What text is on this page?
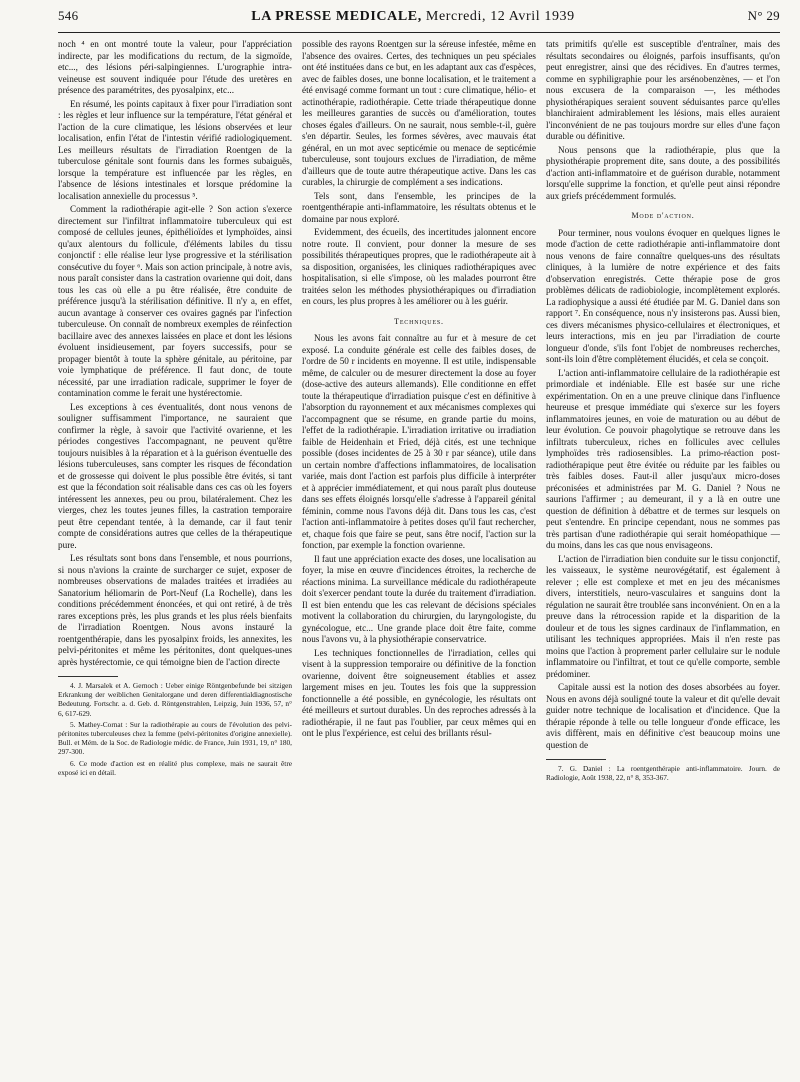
546	LA PRESSE MEDICALE, Mercredi, 12 Avril 1939	N° 29

noch ⁴ en ont montré toute la valeur, pour l'appréciation indirecte, par les modifications du rectum, de la sigmoïde, etc..., des lésions péri-salpingiennes. L'urographie intra-veineuse est souvent indiquée pour l'étude des uretères en présence des paramétrites, des pyosalpinx, etc...

En résumé, les points capitaux à fixer pour l'irradiation sont : les règles et leur influence sur la température, l'état général et l'action de la cure climatique, les lésions observées et leur localisation, enfin l'état de l'intestin vérifié radiologiquement. Les meilleurs résultats de l'irradiation Roentgen de la tuberculose génitale sont fournis dans les formes subaiguës, lorsque la température est influencée par les règles, en l'absence de lésions intestinales et lorsque prédomine la localisation annexielle du processus ⁵.

Comment la radiothérapie agit-elle ? Son action s'exerce directement sur l'infiltrat inflammatoire tuberculeux qui est composé de cellules jeunes, épithélioïdes et lymphoïdes, ainsi qu'aux alentours du follicule, d'éléments labiles du tissu conjonctif : elle réalise leur lyse progressive et la stérilisation consécutive du foyer ⁶. Mais son action principale, à notre avis, nous paraît consister dans la castration ovarienne qui doit, dans tous les cas où elle a pu être réalisée, être conduite de préférence jusqu'à la stérilisation définitive. Il n'y a, en effet, aucun avantage à conserver ces ovaires gagnés par l'infection tuberculeuse. On connaît de nombreux exemples de réinfection bacillaire avec des annexes laissées en place et dont les lésions évoluent insidieusement, par foyers successifs, pour se propager bientôt à toute la sphère génitale, au péritoine, par voie lymphatique de préférence. Il faut donc, de toute nécessité, par une irradiation radicale, supprimer le foyer de contamination comme le ferait une hystérectomie.

Les exceptions à ces éventualités, dont nous venons de souligner suffisamment l'importance, ne sauraient que confirmer la règle, à savoir que l'activité ovarienne, et les périodes congestives l'accompagnant, ne peuvent qu'être toujours nuisibles à la réparation et à la guérison éventuelle des lésions tuberculeuses, sans compter les risques de fécondation et de grossesse qui doivent le plus possible être évités, si tant est que la fécondation soit réalisable dans ces cas où les foyers intéressent les annexes, peu ou prou, bilatéralement. Chez les vierges, chez les toutes jeunes filles, la castration temporaire peut être cependant tentée, à la demande, car il faut tenir compte de considérations autres que celles de la thérapeutique pure.

Les résultats sont bons dans l'ensemble, et nous pourrions, si nous n'avions la crainte de surcharger ce sujet, exposer de nombreuses observations de malades traitées et irradiées au Sanatorium héliomarin de Port-Neuf (La Rochelle), dans les conditions précédemment énoncées, et qui ont retiré, à de très rares exceptions près, les plus grands et les plus réels bienfaits de l'irradiation Roentgen. Nous avons instauré la roentgenthérapie, dans les pyosalpinx froids, les annexites, les pelvi-péritonites et même les péritonites, dont quelques-unes après hystérectomie, ce qui témoigne bien de l'action directe

4. J. Marsalek et A. Gernoch : Ueber einige Röntgenbefunde bei sitzigen Erkrankung der weiblichen Genitalorgane und deren differentialdiagnostische Bedeutung. Fortschr. a. d. Geb. d. Röntgenstrahlen, Leipzig, Juin 1936, 57, n° 6, 617-629.

5. Mathey-Cornat : Sur la radiothérapie au cours de l'évolution des pelvi-péritonites tuberculeuses chez la femme (pelvi-péritonites d'origine annexielle). Bull. et Mém. de la Soc. de Radiologie médic. de France, Juin 1931, 19, n° 180, 297-300.

6. Ce mode d'action est en réalité plus complexe, mais ne saurait être exposé ici en détail.

possible des rayons Roentgen sur la séreuse infestée, même en l'absence des ovaires. Certes, des techniques un peu spéciales ont été instituées dans ce but, en les adaptant aux cas d'espèces, avec de faibles doses, une bonne localisation, et le traitement a été envisagé comme formant un tout : cure climatique, hélio- et actinothérapie, radiothérapie. Cette triade thérapeutique donne les meilleures garanties de succès ou d'amélioration, toutes choses égales d'ailleurs. On ne saurait, nous semble-t-il, guère s'en départir. Seules, les formes sévères, avec mauvais état général, en un mot avec septicémie ou menace de septicémie tuberculeuse, sont toujours exclues de l'irradiation, de même d'ailleurs que de toute autre thérapeutique active. Dans les cas curables, la chirurgie de complément a ses indications.

Tels sont, dans l'ensemble, les principes de la roentgenthérapie anti-inflammatoire, les résultats obtenus et le domaine par nous exploré.

Evidemment, des écueils, des incertitudes jalonnent encore notre route. Il convient, pour donner la mesure de ses possibilités thérapeutiques propres, que le radiothérapeute ait à sa disposition, organisées, les cliniques radiothérapiques avec hospitalisation, si elle s'impose, où les malades pourront être traitées selon les méthodes physiothérapiques ou d'irradiation en cours, les plus propres à les améliorer ou à les guérir.

Techniques.

Nous les avons fait connaître au fur et à mesure de cet exposé. La conduite générale est celle des faibles doses, de l'ordre de 50 r incidents en moyenne. Il est utile, indispensable même, de calculer ou de mesurer directement la dose au foyer (dose-active des auteurs allemands). Elle conditionne en effet toute la thérapeutique d'irradiation puisque c'est en définitive à l'absorption du rayonnement et aux mécanismes complexes qui l'accompagnent que se résume, en grande partie du moins, l'effet de la radiothérapie. L'irradiation irritative ou irradiation faible de Heidenhain et Fried, déjà cités, est une technique possible (doses incidentes de 25 à 30 r par séance), utile dans un certain nombre d'affections inflammatoires, de localisation variée, mais dont l'action est parfois plus difficile à interpréter et à apprécier immédiatement, et qui nous paraît plus douteuse dans ses effets éloignés lorsqu'elle s'adresse à l'appareil génital féminin, comme nous l'avons déjà dit. Dans tous les cas, c'est l'action anti-inflammatoire à petites doses qu'il faut rechercher, et, chaque fois que faire se peut, sans être nocif, l'action sur la fonction, par exemple la fonction ovarienne.

Il faut une appréciation exacte des doses, une localisation au foyer, la mise en œuvre d'incidences étroites, la recherche de réactions minima. La surveillance médicale du radiothérapeute doit s'exercer pendant toute la durée du traitement d'irradiation. Il est bien entendu que les cas relevant de décisions spéciales motivent la collaboration du chirurgien, du laryngologiste, du gynécologue, etc... Une grande place doit être faite, comme nous l'avons vu, à la physiothérapie conservatrice.

Les techniques fonctionnelles de l'irradiation, celles qui visent à la suppression temporaire ou définitive de la fonction ovarienne, doivent être soigneusement établies et assez largement mises en jeu. Toutes les fois que la suppression fonctionnelle a été possible, en gynécologie, les résultats ont été meilleurs et surtout durables. Un des reproches adressés à la radiothérapie, il ne faut pas l'oublier, par ceux mêmes qui en ont le plus l'expérience, est celui des brillants résul-

tats primitifs qu'elle est susceptible d'entraîner, mais des résultats secondaires ou éloignés, parfois insuffisants, qu'on peut enregistrer, ainsi que des récidives. En d'autres termes, comme en syphiligraphie pour les arsénobenzènes, — et l'on nous excusera de la comparaison —, les méthodes physiothérapiques seraient souvent séduisantes parce qu'elles blanchiraient admirablement les lésions, mais elles auraient l'inconvénient de ne pas toujours mordre sur elles d'une façon durable ou définitive.

Nous pensons que la radiothérapie, plus que la physiothérapie proprement dite, sans doute, a des possibilités d'action anti-inflammatoire et de guérison durable, notamment lorsqu'elle supprime la fonction, et qu'elle peut ainsi répondre aux griefs précédemment formulés.

Mode d'action.

Pour terminer, nous voulons évoquer en quelques lignes le mode d'action de cette radiothérapie anti-inflammatoire dont nous venons de faire connaître quelques-uns des résultats cliniques, à la lumière de notre expérience et des faits d'observation enregistrés. Cette thérapie pose de gros problèmes délicats de radiobiologie, incomplètement explorés. La radiophysique a aussi été étudiée par M. G. Daniel dans son rapport ⁷. En conséquence, nous n'y insisterons pas. Aussi bien, ces divers mécanismes physico-cellulaires et électroniques, et leurs interactions, mis en jeu par l'irradiation de courte longueur d'onde, s'ils font l'objet de nombreuses recherches, sont-ils loin d'être complètement élucidés, et cela se conçoit.

L'action anti-inflammatoire cellulaire de la radiothérapie est primordiale et indéniable. Elle est basée sur une riche expérimentation. On en a une preuve clinique dans l'influence heureuse et presque immédiate qui s'exerce sur les foyers inflammatoires jeunes, en voie de maturation ou au début de leur évolution. Ce pouvoir phagolytique se retrouve dans les infiltrats tuberculeux, riches en follicules avec cellules lymphoïdes très radiosensibles. La primo-réaction post-radiothérapique peut être évitée ou réduite par les faibles ou très faibles doses. Faut-il aller jusqu'aux micro-doses préconisées et administrées par M. G. Daniel ? Nous ne saurions l'affirmer ; au demeurant, il y a là en outre une question de définition à débattre et de termes sur lesquels on peut s'entendre. En principe cependant, nous ne sommes pas très partisan d'une radiothérapie qui serait homéopathique — du moins, dans les cas que nous envisageons.

L'action de l'irradiation bien conduite sur le tissu conjonctif, les vaisseaux, le système neurovégétatif, est également à relever ; elle est complexe et met en jeu des mécanismes divers, interstitiels, neuro-vasculaires et sanguins dont la régulation ne saurait être troublée sans inconvénient. On en a la preuve dans la rétrocession rapide et la disparition de la douleur et de tous les signes cardinaux de l'inflammation, en utilisant les techniques appropriées. Mais il n'en reste pas moins que l'action à proprement parler cellulaire sur le nodule inflammatoire ou l'infiltrat, et tout ce qu'elle comporte, semble prédominer.

Capitale aussi est la notion des doses absorbées au foyer. Nous en avons déjà souligné toute la valeur et dit qu'elle devait guider notre technique de localisation et d'incidence. Que la thérapie réponde à telle ou telle longueur d'onde efficace, les avis diffèrent, mais en définitive c'est beaucoup moins une question de

7. G. Daniel : La roentgenthérapie anti-inflammatoire. Journ. de Radiologie, Août 1938, 22, n° 8, 353-367.
